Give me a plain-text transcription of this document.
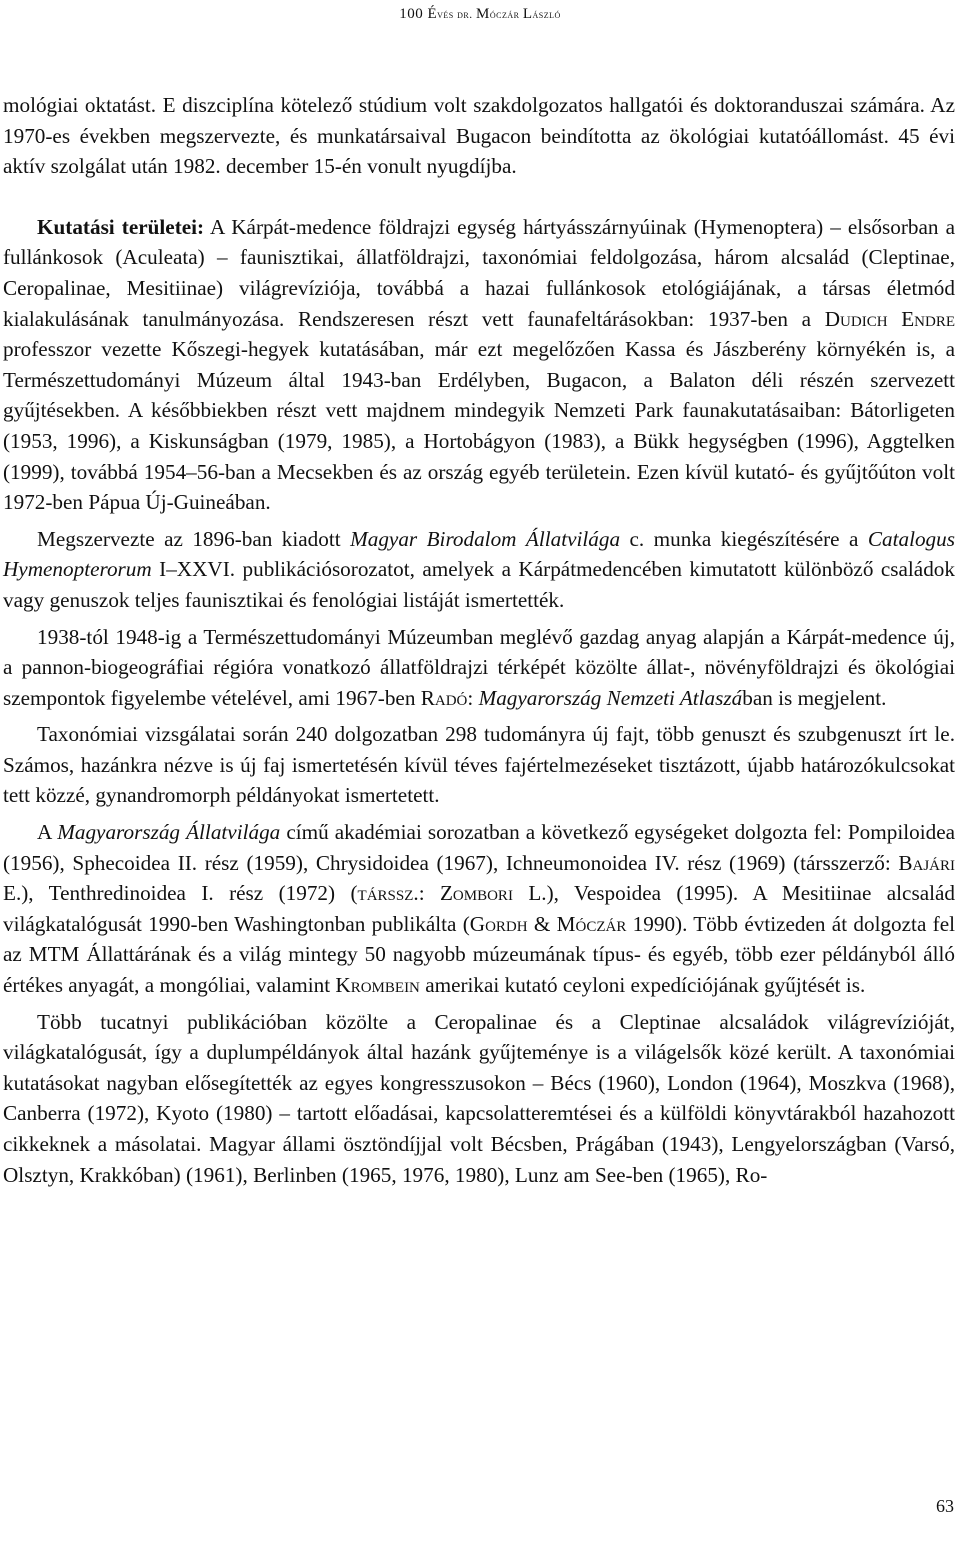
100 Évés dr. Móczár László

mológiai oktatást. E diszciplína kötelező stúdium volt szakdolgozatos hallgatói és doktoranduszai számára. Az 1970-es években megszervezte, és munkatársaival Bugacon beindította az ökológiai kutatóállomást. 45 évi aktív szolgálat után 1982. december 15-én vonult nyugdíjba.

Kutatási területei: A Kárpát-medence földrajzi egység hártyásszárnyúinak (Hymenoptera) – elsősorban a fullánkosok (Aculeata) – faunisztikai, állatföldrajzi, taxonómiai feldolgozása, három alcsalád (Cleptinae, Ceropalinae, Mesitiinae) világrevíziója, továbbá a hazai fullánkosok etológiájának, a társas életmód kialakulásának tanulmányozása. Rendszeresen részt vett faunafeltárásokban: 1937-ben a Dudich Endre professzor vezette Kőszegi-hegyek kutatásában, már ezt megelőzően Kassa és Jászberény környékén is, a Természettudományi Múzeum által 1943-ban Erdélyben, Bugacon, a Balaton déli részén szervezett gyűjtésekben. A későbbiekben részt vett majdnem mindegyik Nemzeti Park faunakutatásaiban: Bátorligeten (1953, 1996), a Kiskunságban (1979, 1985), a Hortobágyon (1983), a Bükk hegységben (1996), Aggtelken (1999), továbbá 1954–56-ban a Mecsekben és az ország egyéb területein. Ezen kívül kutató- és gyűjtőúton volt 1972-ben Pápua Új-Guineában.

Megszervezte az 1896-ban kiadott Magyar Birodalom Állatvilága c. munka kiegészítésére a Catalogus Hymenopterorum I–XXVI. publikációsorozatot, amelyek a Kárpátmedencében kimutatott különböző családok vagy genuszok teljes faunisztikai és fenológiai listáját ismertették.

1938-tól 1948-ig a Természettudományi Múzeumban meglévő gazdag anyag alapján a Kárpát-medence új, a pannon-biogeográfiai régióra vonatkozó állatföldrajzi térképét közölte állat-, növényföldrajzi és ökológiai szempontok figyelembe vételével, ami 1967-ben Radó: Magyarország Nemzeti Atlaszában is megjelent.

Taxonómiai vizsgálatai során 240 dolgozatban 298 tudományra új fajt, több genuszt és szubgenuszt írt le. Számos, hazánkra nézve is új faj ismertetésén kívül téves fajértelmezéseket tisztázott, újabb határozókulcsokat tett közzé, gynandromorph példányokat ismertetett.

A Magyarország Állatvilága című akadémiai sorozatban a következő egységeket dolgozta fel: Pompiloidea (1956), Sphecoidea II. rész (1959), Chrysidoidea (1967), Ichneumonoidea IV. rész (1969) (társszerző: Bajári E.), Tenthredinoidea I. rész (1972) (társsz.: Zombori L.), Vespoidea (1995). A Mesitiinae alcsalád világkatalógusát 1990-ben Washingtonban publikálta (Gordh & Móczár 1990). Több évtizeden át dolgozta fel az MTM Állattárának és a világ mintegy 50 nagyobb múzeumának típus- és egyéb, több ezer példányból álló értékes anyagát, a mongóliai, valamint Krombein amerikai kutató ceyloni expedíciójának gyűjtését is.

Több tucatnyi publikációban közölte a Ceropalinae és a Cleptinae alcsaládok világrevízióját, világkatalógusát, így a duplumpéldányok által hazánk gyűjteménye is a világelsők közé került. A taxonómiai kutatásokat nagyban elősegítették az egyes kongresszusokon – Bécs (1960), London (1964), Moszkva (1968), Canberra (1972), Kyoto (1980) – tartott előadásai, kapcsolatteremtései és a külföldi könyvtárakból hazahozott cikkeknek a másolatai. Magyar állami ösztöndíjjal volt Bécsben, Prágában (1943), Lengyelországban (Varsó, Olsztyn, Krakkóban) (1961), Berlinben (1965, 1976, 1980), Lunz am See-ben (1965), Ro-

63
